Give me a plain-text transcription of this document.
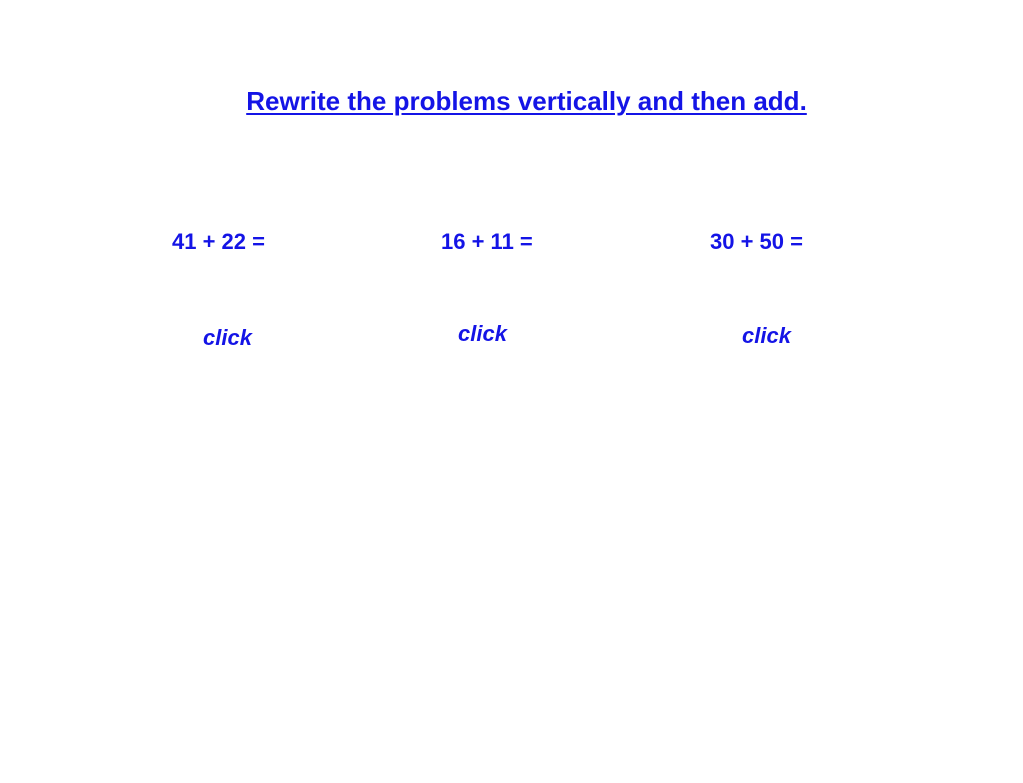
Rewrite the problems vertically and then add.
41 + 22 =	16 + 11 =	30 + 50 =
click	click	click
